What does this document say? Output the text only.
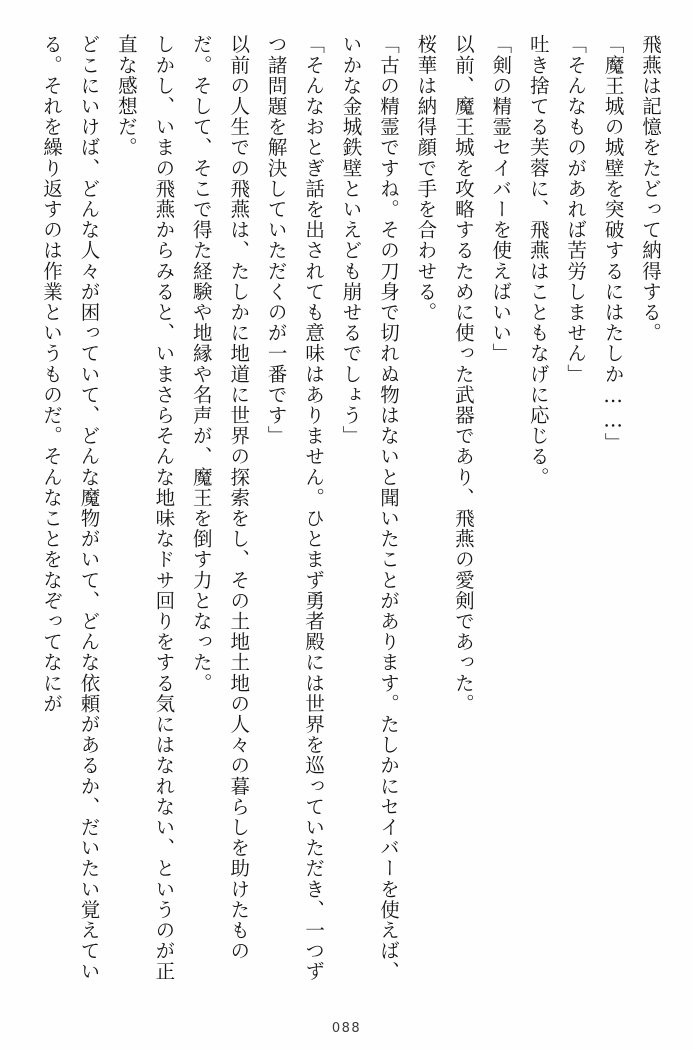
飛燕は記憶をたどって納得する。

「魔王城の城壁を突破するにはたしか……」

「そんなものがあれば苦労しません」

吐き捨てる芙蓉に、飛燕はこともなげに応じる。

「剣の精霊セイバーを使えばいい」

以前、魔王城を攻略するために使った武器であり、飛燕の愛剣であった。

桜華は納得顔で手を合わせる。

「古の精霊ですね。その刀身で切れぬ物はないと聞いたことがあります。たしかにセイバーを使えば、いかな金城鉄壁といえども崩せるでしょう」

「そんなおとぎ話を出されても意味はありません。ひとまず勇者殿には世界を巡っていただき、一つずつ諸問題を解決していただくのが一番です」

以前の人生での飛燕は、たしかに地道に世界の探索をし、その土地土地の人々の暮らしを助けたものだ。そして、そこで得た経験や地縁や名声が、魔王を倒す力となった。

しかし、いまの飛燕からみると、いまさらそんな地味なドサ回りをする気にはなれない、というのが正直な感想だ。

どこにいけば、どんな人々が困っていて、どんな魔物がいて、どんな依頼があるか、だいたい覚えている。それを繰り返すのは作業というものだ。そんなことをなぞってなにが

088
